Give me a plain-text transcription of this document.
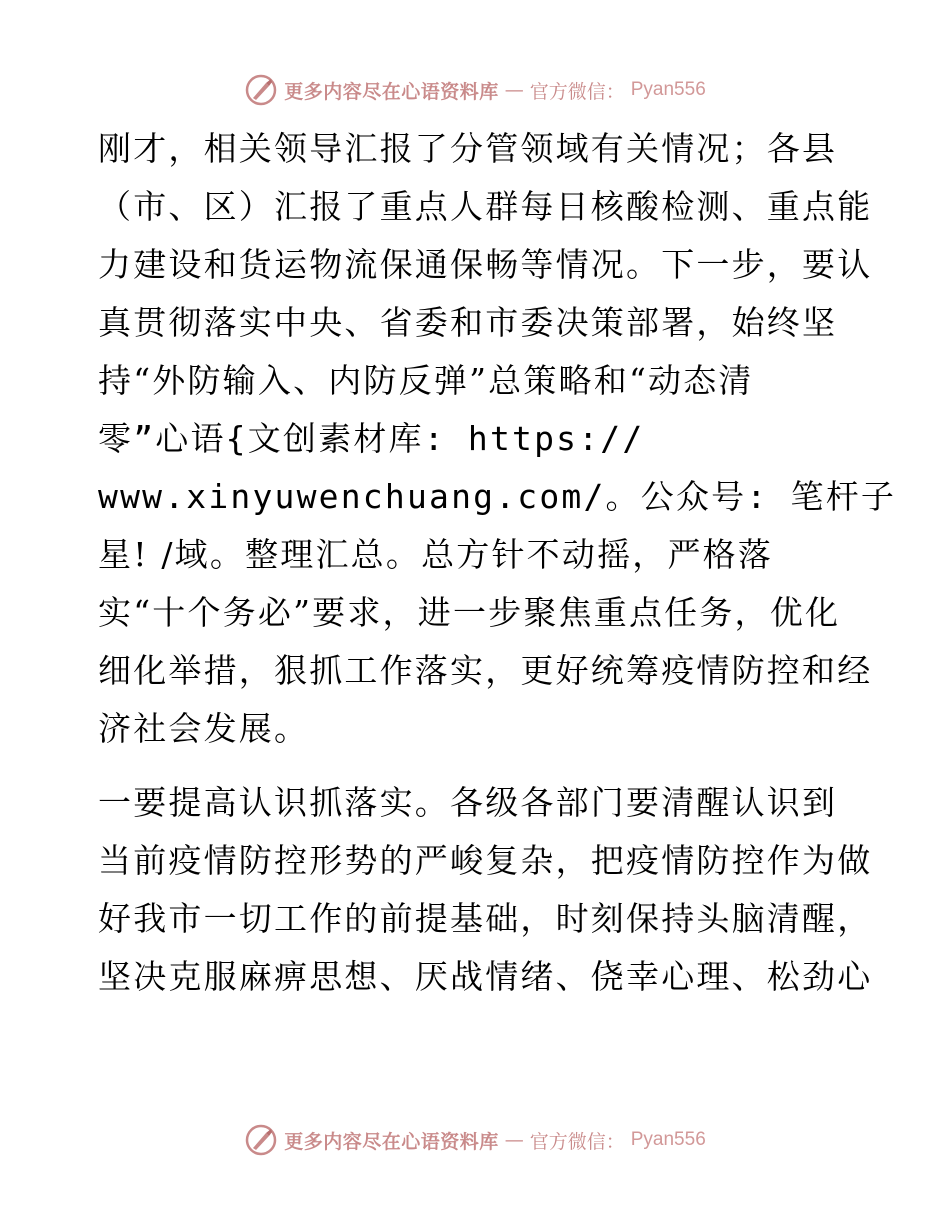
更多内容尽在心语资料库 — 官方微信： Pyan556
刚才，相关领导汇报了分管领域有关情况；各县
（市、区）汇报了重点人群每日核酸检测、重点能
力建设和货运物流保通保畅等情况。下一步，要认
真贯彻落实中央、省委和市委决策部署，始终坚
持“外防输入、内防反弹”总策略和“动态清
零”心语{文创素材库: https://
www.xinyuwenchuang.com/。公众号: 笔杆子
星! /域。整理汇总。总方针不动摇，严格落
实“十个务必”要求，进一步聚焦重点任务，优化
细化举措，狠抓工作落实，更好统筹疫情防控和经
济社会发展。
一要提高认识抓落实。各级各部门要清醒认识到
当前疫情防控形势的严峻复杂，把疫情防控作为做
好我市一切工作的前提基础，时刻保持头脑清醒，
坚决克服麻痹思想、厌战情绪、侥幸心理、松劲心
更多内容尽在心语资料库 — 官方微信： Pyan556
